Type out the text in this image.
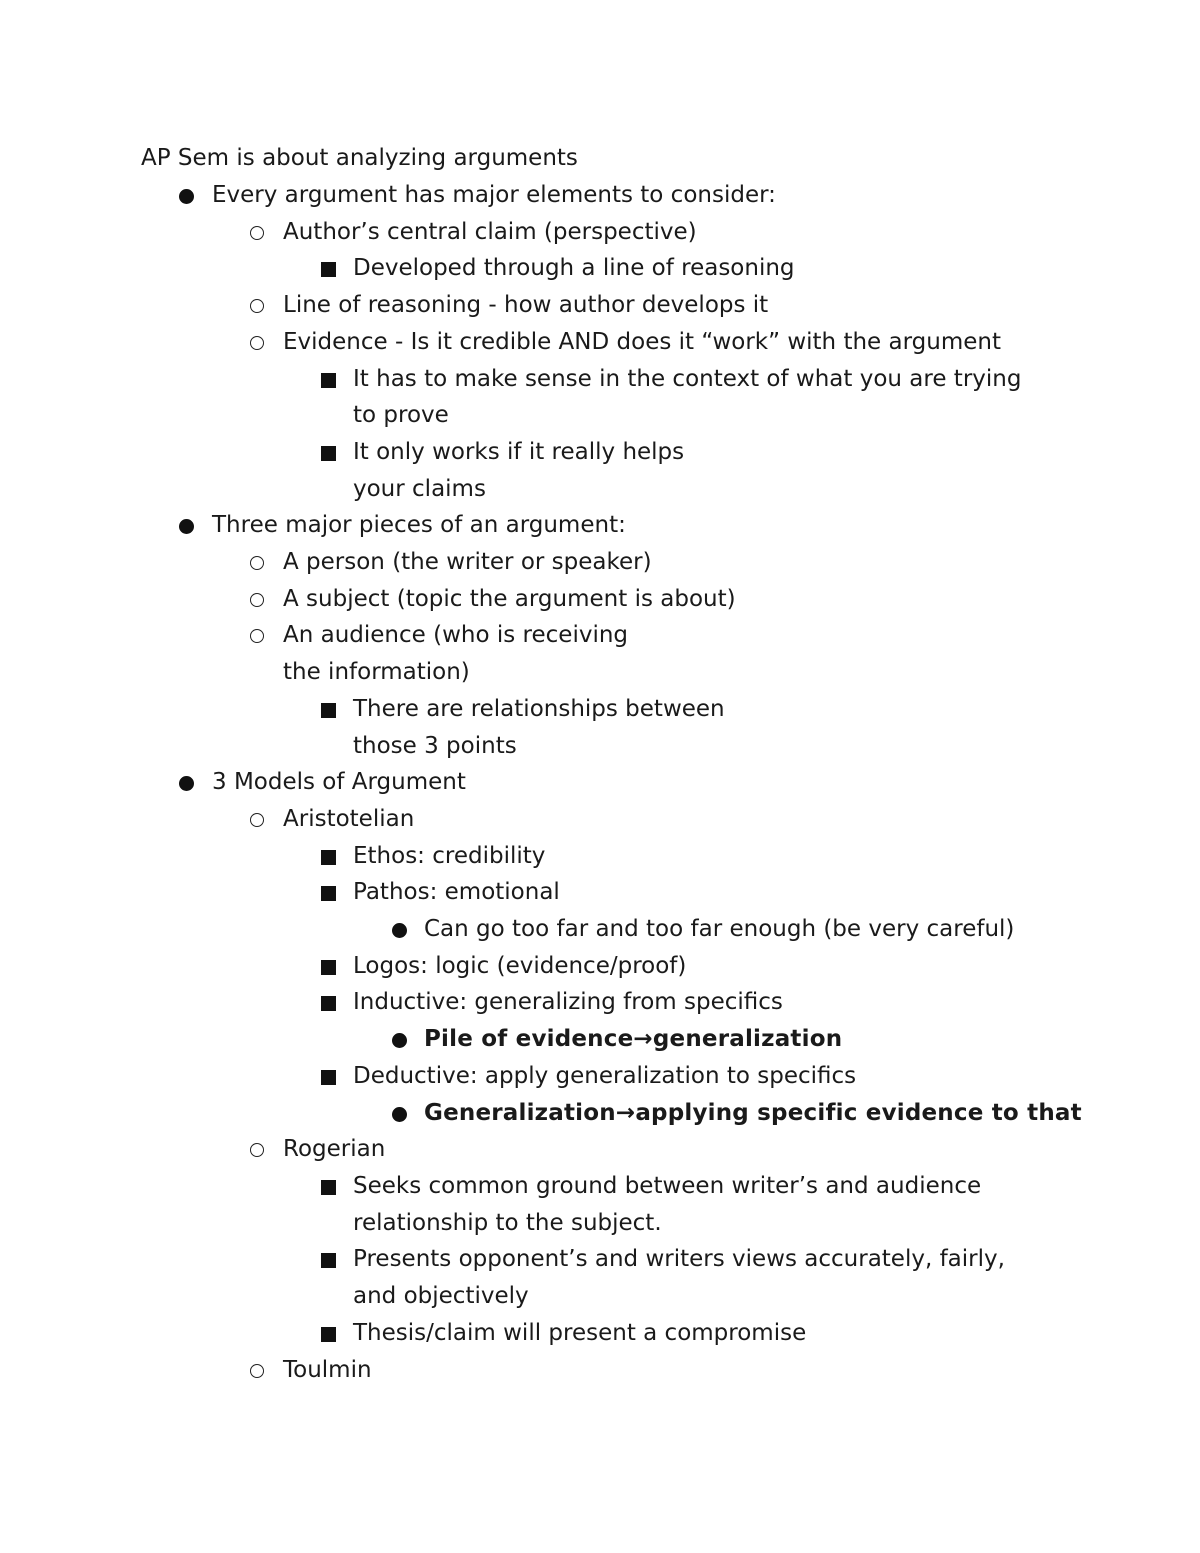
AP Sem is about analyzing arguments
Every argument has major elements to consider:
Author’s central claim (perspective)
Developed through a line of reasoning
Line of reasoning - how author develops it
Evidence - Is it credible AND does it “work” with the argument
It has to make sense in the context of what you are trying to prove
It only works if it really helps your claims
Three major pieces of an argument:
A person (the writer or speaker)
A subject (topic the argument is about)
An audience (who is receiving the information)
There are relationships between those 3 points
3 Models of Argument
Aristotelian
Ethos: credibility
Pathos: emotional
Can go too far and too far enough (be very careful)
Logos: logic (evidence/proof)
Inductive: generalizing from specifics
Pile of evidence→generalization
Deductive: apply generalization to specifics
Generalization→applying specific evidence to that
Rogerian
Seeks common ground between writer’s and audience relationship to the subject.
Presents opponent’s and writers views accurately, fairly, and objectively
Thesis/claim will present a compromise
Toulmin
